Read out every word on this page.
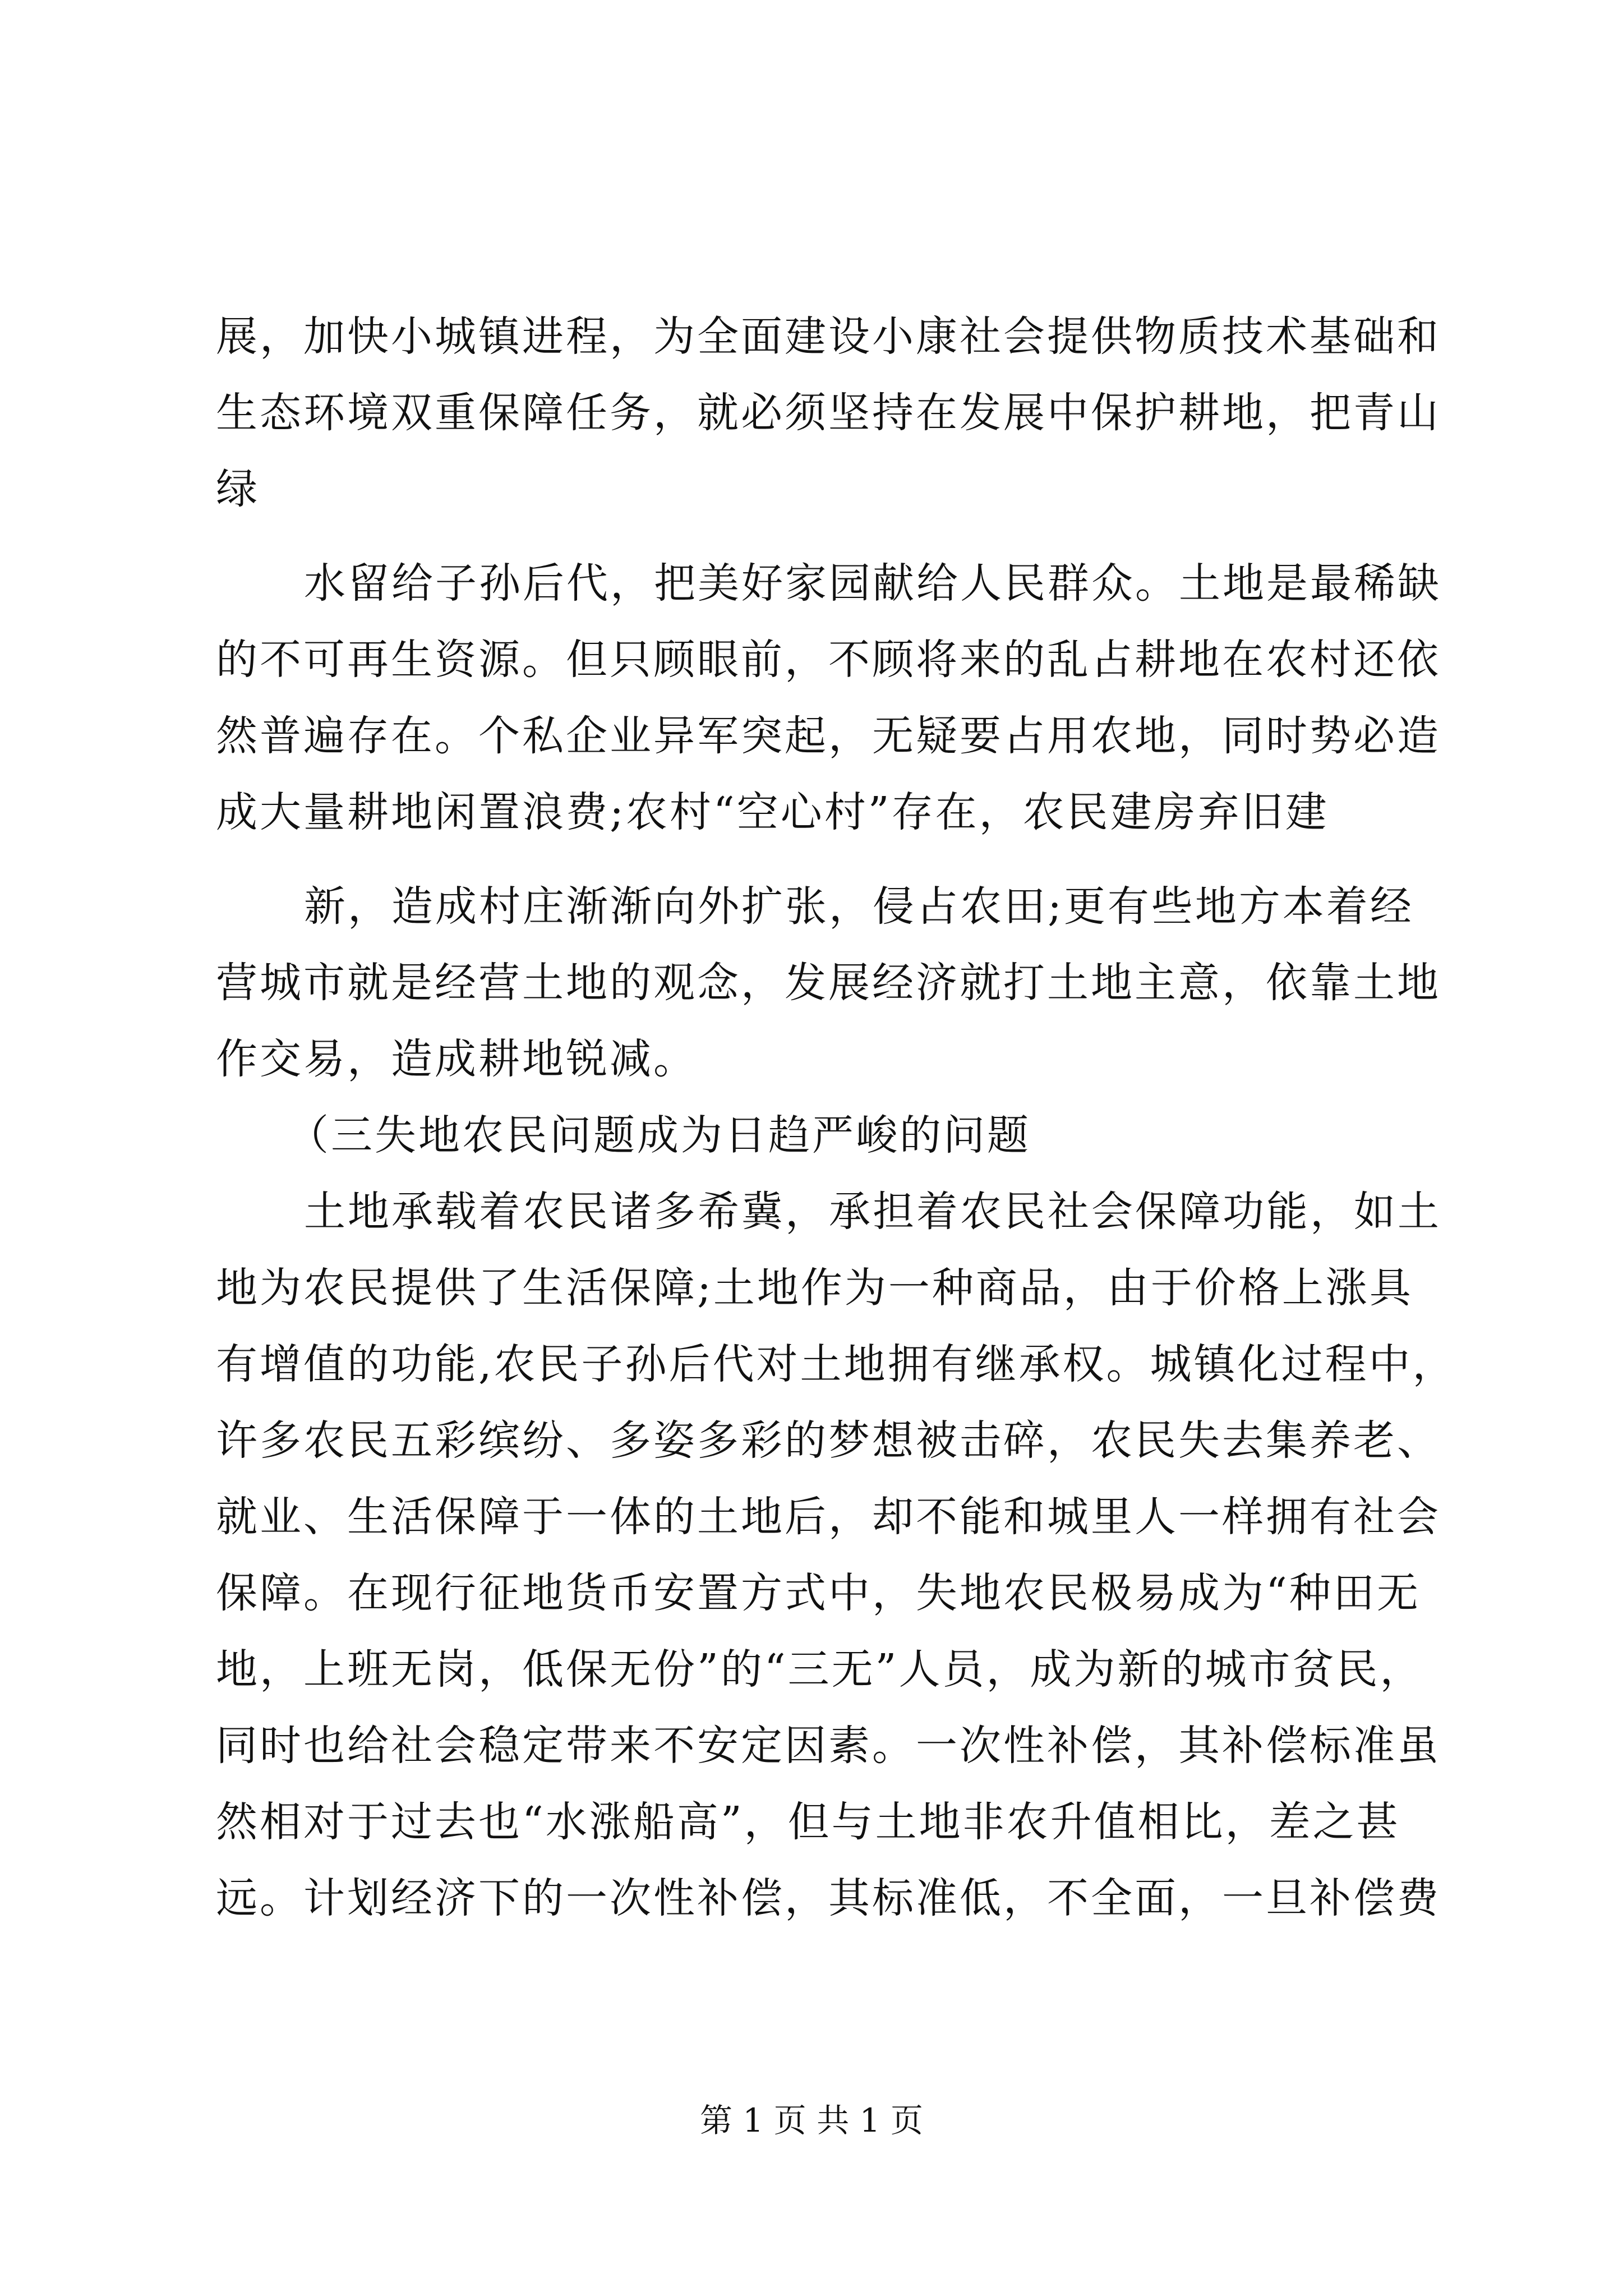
展，加快小城镇进程，为全面建设小康社会提供物质技术基础和
生态环境双重保障任务，就必须坚持在发展中保护耕地，把青山
绿
水留给子孙后代，把美好家园献给人民群众。土地是最稀缺
的不可再生资源。但只顾眼前，不顾将来的乱占耕地在农村还依
然普遍存在。个私企业异军突起，无疑要占用农地，同时势必造
成大量耕地闲置浪费;农村“空心村”存在，农民建房弃旧建
新，造成村庄渐渐向外扩张，侵占农田;更有些地方本着经
营城市就是经营土地的观念，发展经济就打土地主意，依靠土地
作交易，造成耕地锐减。
（三失地农民问题成为日趋严峻的问题
土地承载着农民诸多希冀，承担着农民社会保障功能，如土
地为农民提供了生活保障;土地作为一种商品，由于价格上涨具
有增值的功能,农民子孙后代对土地拥有继承权。城镇化过程中，
许多农民五彩缤纷、多姿多彩的梦想被击碎，农民失去集养老、
就业、生活保障于一体的土地后，却不能和城里人一样拥有社会
保障。在现行征地货币安置方式中，失地农民极易成为“种田无
地，上班无岗，低保无份”的“三无”人员，成为新的城市贫民，
同时也给社会稳定带来不安定因素。一次性补偿，其补偿标准虽
然相对于过去也“水涨船高”，但与土地非农升值相比，差之甚
远。计划经济下的一次性补偿，其标准低，不全面，一旦补偿费
第 1 页 共 1 页
